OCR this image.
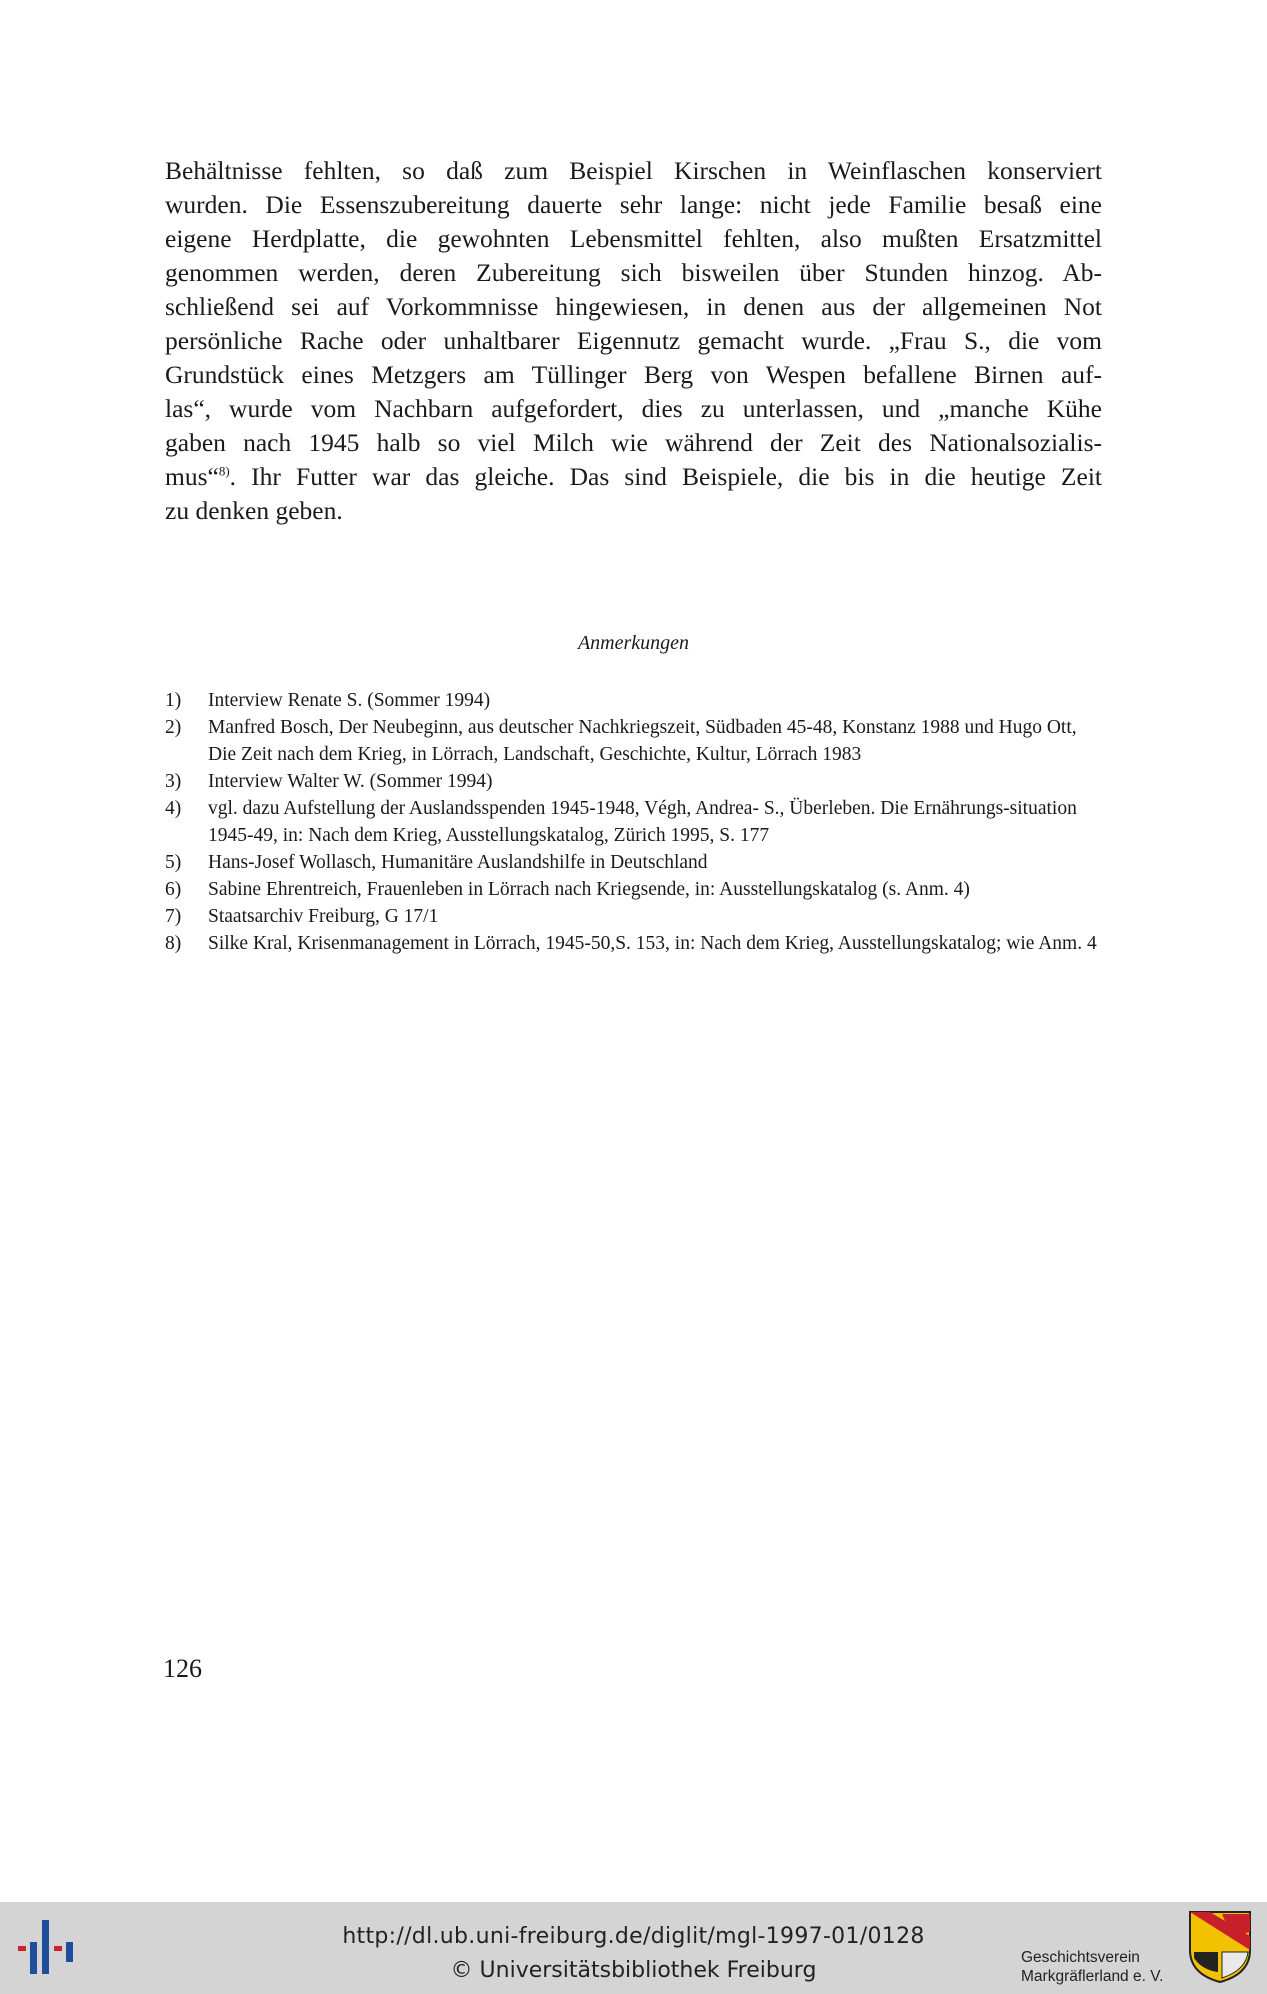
Behältnisse fehlten, so daß zum Beispiel Kirschen in Weinflaschen konserviert
wurden. Die Essenszubereitung dauerte sehr lange: nicht jede Familie besaß eine
eigene Herdplatte, die gewohnten Lebensmittel fehlten, also mußten Ersatzmittel
genommen werden, deren Zubereitung sich bisweilen über Stunden hinzog. Ab-
schließend sei auf Vorkommnisse hingewiesen, in denen aus der allgemeinen Not
persönliche Rache oder unhaltbarer Eigennutz gemacht wurde. „Frau S., die vom
Grundstück eines Metzgers am Tüllinger Berg von Wespen befallene Birnen auf-
las“, wurde vom Nachbarn aufgefordert, dies zu unterlassen, und „manche Kühe
gaben nach 1945 halb so viel Milch wie während der Zeit des Nationalsozialis-
mus“$^{8)}$. Ihr Futter war das gleiche. Das sind Beispiele, die bis in die heutige Zeit
zu denken geben.
Anmerkungen
1)	Interview Renate S. (Sommer 1994)
2)	Manfred Bosch, Der Neubeginn, aus deutscher Nachkriegszeit, Südbaden 45-48, Konstanz 1988 und Hugo Ott, Die Zeit nach dem Krieg, in Lörrach, Landschaft, Geschichte, Kultur, Lörrach 1983
3)	Interview Walter W. (Sommer 1994)
4)	vgl. dazu Aufstellung der Auslandsspenden 1945-1948, Végh, Andrea- S., Überleben. Die Ernährungs-situation 1945-49, in: Nach dem Krieg, Ausstellungskatalog, Zürich 1995, S. 177
5)	Hans-Josef Wollasch, Humanitäre Auslandshilfe in Deutschland
6)	Sabine Ehrentreich, Frauenleben in Lörrach nach Kriegsende, in: Ausstellungskatalog (s. Anm. 4)
7)	Staatsarchiv Freiburg, G 17/1
8)	Silke Kral, Krisenmanagement in Lörrach, 1945-50,S. 153, in: Nach dem Krieg, Ausstellungskatalog; wie Anm. 4
126
http://dl.ub.uni-freiburg.de/diglit/mgl-1997-01/0128
© Universitätsbibliothek Freiburg
Geschichtsverein
Markgräflerland e. V.
